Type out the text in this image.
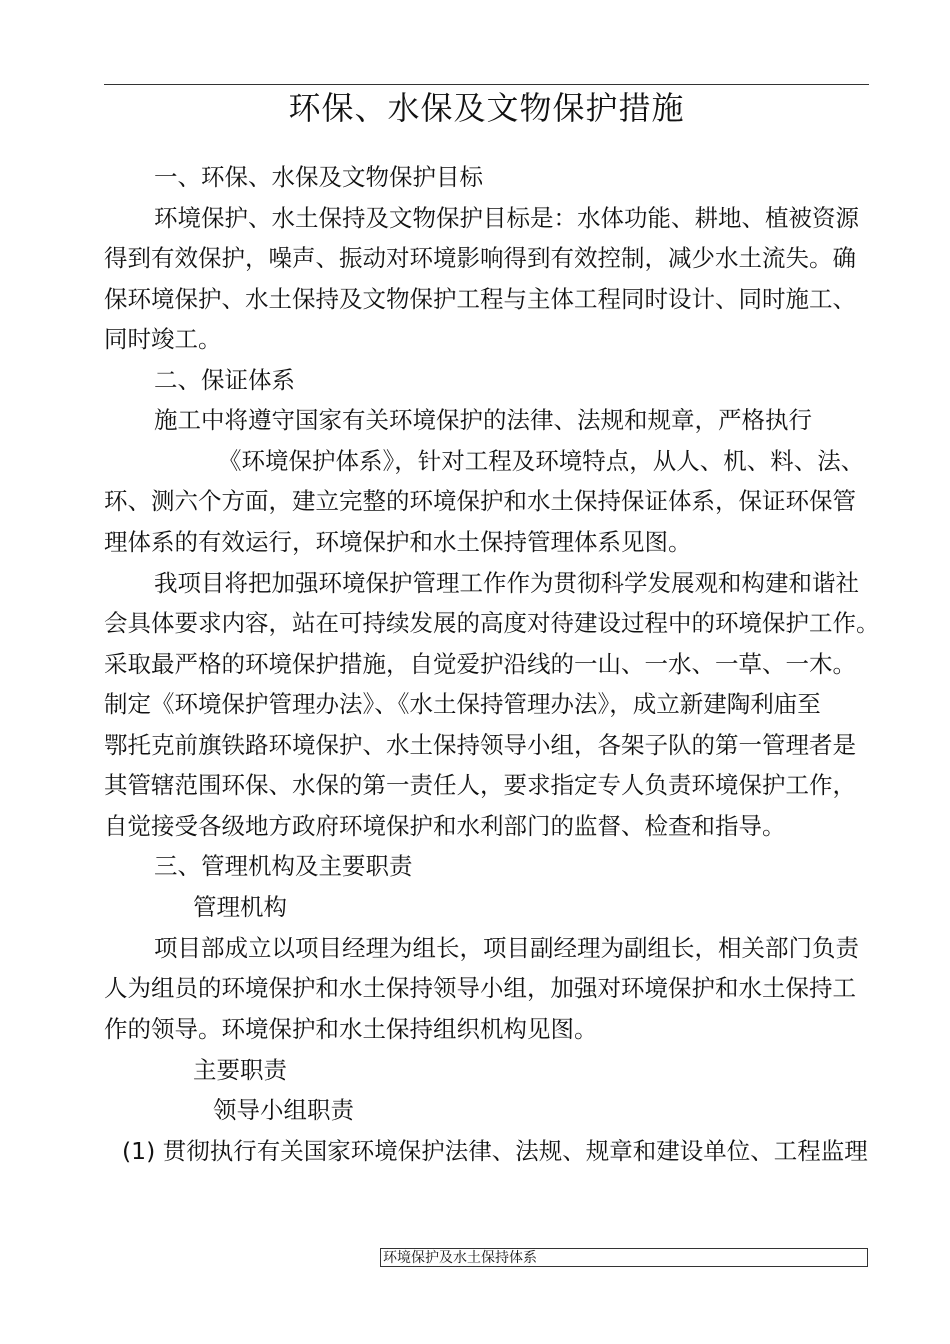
环保、水保及文物保护措施
一、环保、水保及文物保护目标
环境保护、水土保持及文物保护目标是：水体功能、耕地、植被资源
得到有效保护，噪声、振动对环境影响得到有效控制，减少水土流失。确
保环境保护、水土保持及文物保护工程与主体工程同时设计、同时施工、
同时竣工。
二、保证体系
施工中将遵守国家有关环境保护的法律、法规和规章，严格执行
《环境保护体系》，针对工程及环境特点，从人、机、料、法、
环、测六个方面，建立完整的环境保护和水土保持保证体系，保证环保管
理体系的有效运行，环境保护和水土保持管理体系见图。
我项目将把加强环境保护管理工作作为贯彻科学发展观和构建和谐社
会具体要求内容，站在可持续发展的高度对待建设过程中的环境保护工作。
采取最严格的环境保护措施，自觉爱护沿线的一山、一水、一草、一木。
制定《环境保护管理办法》、《水土保持管理办法》，成立新建陶利庙至
鄂托克前旗铁路环境保护、水土保持领导小组，各架子队的第一管理者是
其管辖范围环保、水保的第一责任人，要求指定专人负责环境保护工作，
自觉接受各级地方政府环境保护和水利部门的监督、检查和指导。
三、管理机构及主要职责
管理机构
项目部成立以项目经理为组长，项目副经理为副组长，相关部门负责
人为组员的环境保护和水土保持领导小组，加强对环境保护和水土保持工
作的领导。环境保护和水土保持组织机构见图。
主要职责
领导小组职责
(1) 贯彻执行有关国家环境保护法律、法规、规章和建设单位、工程监理
环境保护及水土保持体系
